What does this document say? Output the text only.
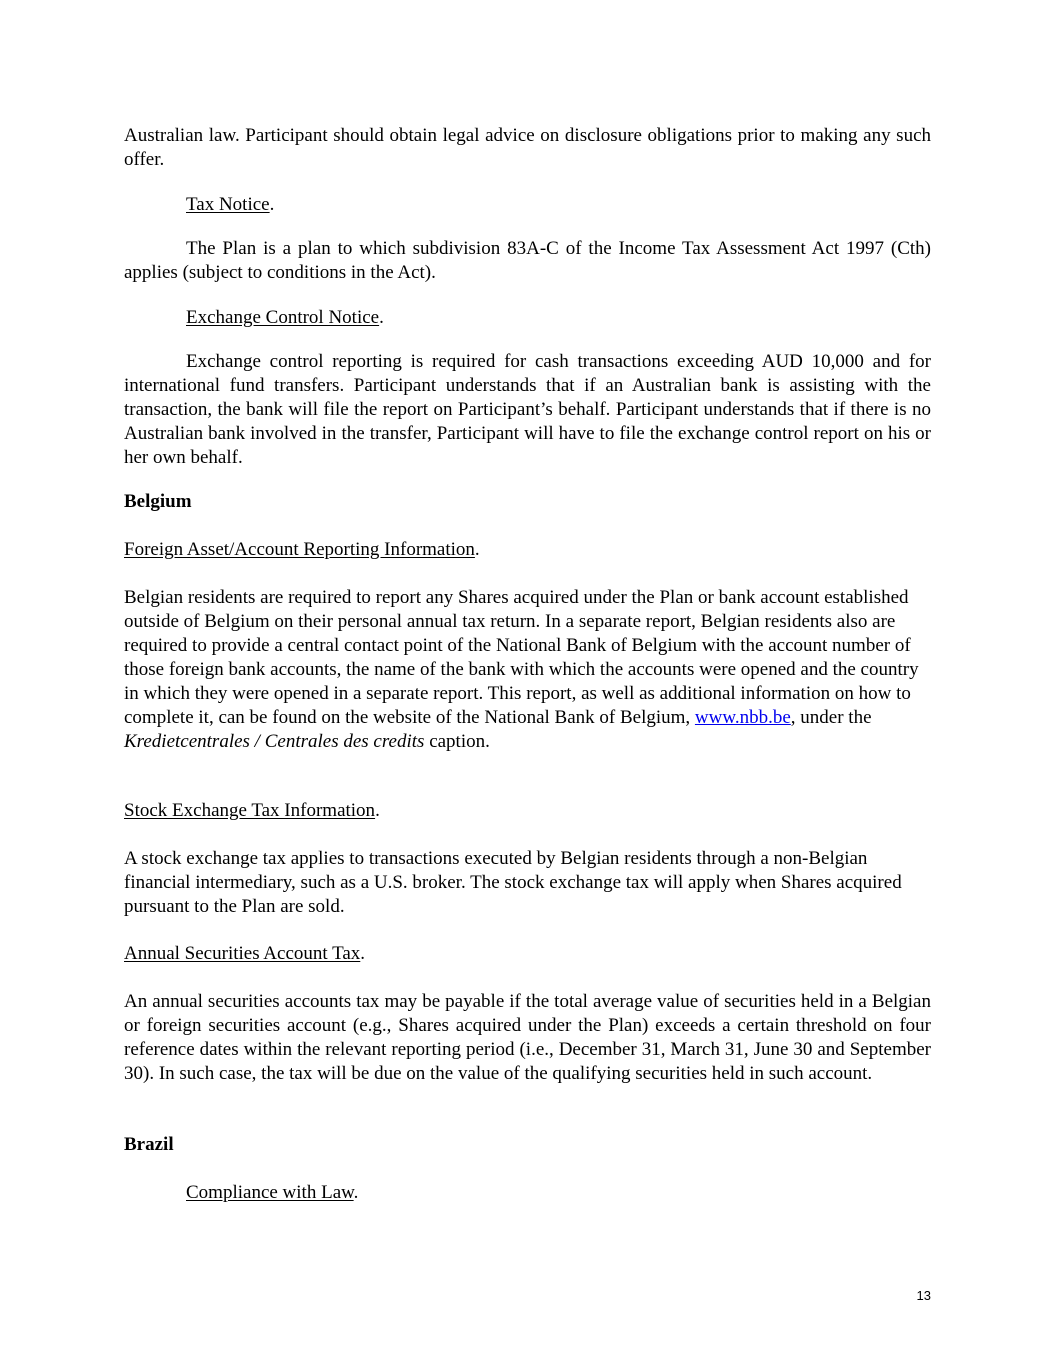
Australian law. Participant should obtain legal advice on disclosure obligations prior to making any such offer.

Tax Notice.

The Plan is a plan to which subdivision 83A-C of the Income Tax Assessment Act 1997 (Cth) applies (subject to conditions in the Act).

Exchange Control Notice.

Exchange control reporting is required for cash transactions exceeding AUD 10,000 and for international fund transfers. Participant understands that if an Australian bank is assisting with the transaction, the bank will file the report on Participant’s behalf. Participant understands that if there is no Australian bank involved in the transfer, Participant will have to file the exchange control report on his or her own behalf.

Belgium

Foreign Asset/Account Reporting Information.

Belgian residents are required to report any Shares acquired under the Plan or bank account established outside of Belgium on their personal annual tax return. In a separate report, Belgian residents also are required to provide a central contact point of the National Bank of Belgium with the account number of those foreign bank accounts, the name of the bank with which the accounts were opened and the country in which they were opened in a separate report. This report, as well as additional information on how to complete it, can be found on the website of the National Bank of Belgium, www.nbb.be, under the Kredietcentrales / Centrales des credits caption.

Stock Exchange Tax Information.

A stock exchange tax applies to transactions executed by Belgian residents through a non-Belgian financial intermediary, such as a U.S. broker. The stock exchange tax will apply when Shares acquired pursuant to the Plan are sold.

Annual Securities Account Tax.

An annual securities accounts tax may be payable if the total average value of securities held in a Belgian or foreign securities account (e.g., Shares acquired under the Plan) exceeds a certain threshold on four reference dates within the relevant reporting period (i.e., December 31, March 31, June 30 and September 30). In such case, the tax will be due on the value of the qualifying securities held in such account.

Brazil

Compliance with Law.

13
